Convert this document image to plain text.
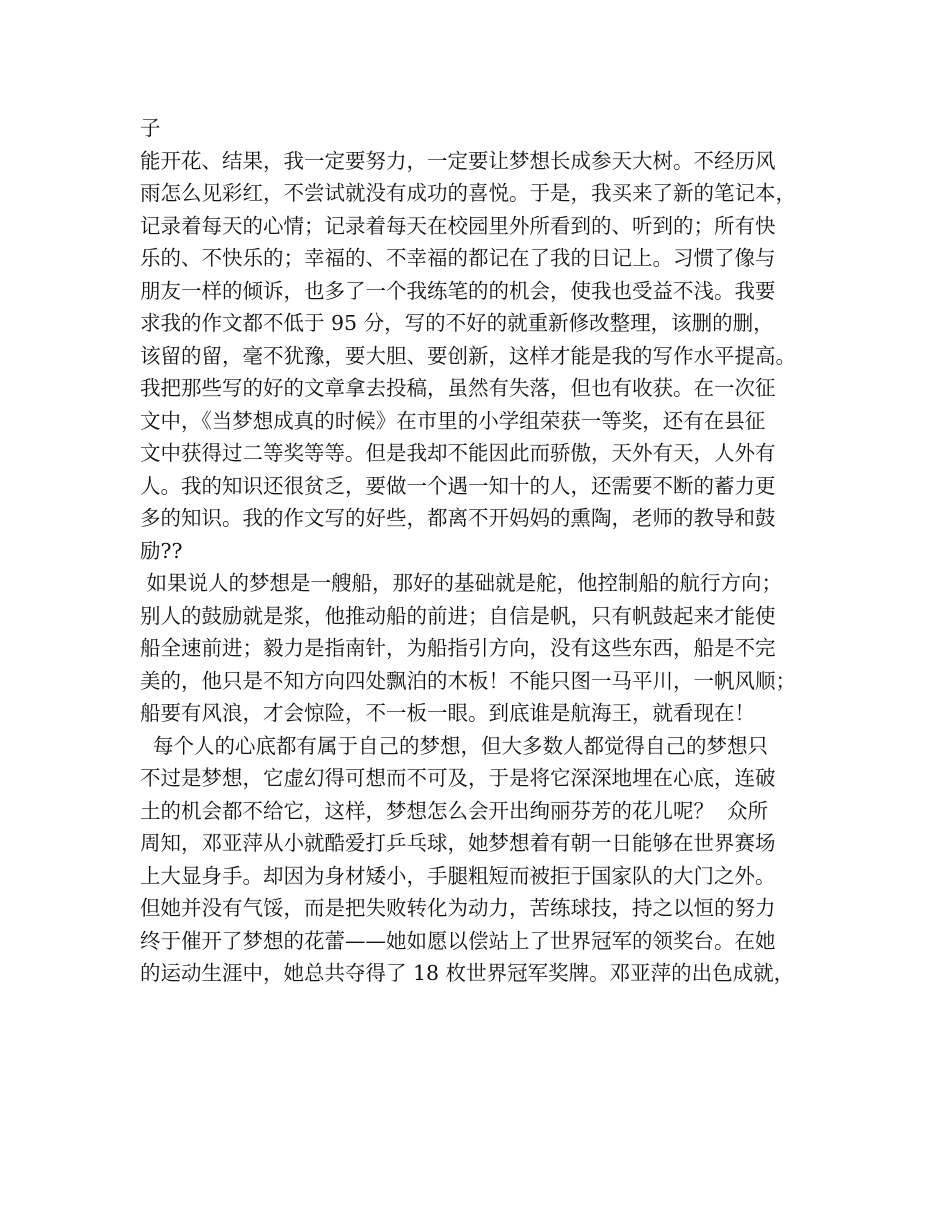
子
能开花、结果，我一定要努力，一定要让梦想长成参天大树。不经历风
雨怎么见彩红，不尝试就没有成功的喜悦。于是，我买来了新的笔记本，
记录着每天的心情；记录着每天在校园里外所看到的、听到的；所有快
乐的、不快乐的；幸福的、不幸福的都记在了我的日记上。习惯了像与
朋友一样的倾诉，也多了一个我练笔的的机会，使我也受益不浅。我要
求我的作文都不低于 95 分，写的不好的就重新修改整理，该删的删，
该留的留，毫不犹豫，要大胆、要创新，这样才能是我的写作水平提高。
我把那些写的好的文章拿去投稿，虽然有失落，但也有收获。在一次征
文中，《当梦想成真的时候》在市里的小学组荣获一等奖，还有在县征
文中获得过二等奖等等。但是我却不能因此而骄傲，天外有天，人外有
人。我的知识还很贫乏，要做一个遇一知十的人，还需要不断的蓄力更
多的知识。我的作文写的好些，都离不开妈妈的熏陶，老师的教导和鼓
励??
如果说人的梦想是一艘船，那好的基础就是舵，他控制船的航行方向；
别人的鼓励就是浆，他推动船的前进；自信是帆，只有帆鼓起来才能使
船全速前进；毅力是指南针，为船指引方向，没有这些东西，船是不完
美的，他只是不知方向四处飘泊的木板！不能只图一马平川，一帆风顺；
船要有风浪，才会惊险，不一板一眼。到底谁是航海王，就看现在！
每个人的心底都有属于自己的梦想，但大多数人都觉得自己的梦想只
不过是梦想，它虚幻得可想而不可及，于是将它深深地埋在心底，连破
土的机会都不给它，这样，梦想怎么会开出绚丽芬芳的花儿呢？  众所
周知，邓亚萍从小就酷爱打乒乓球，她梦想着有朝一日能够在世界赛场
上大显身手。却因为身材矮小，手腿粗短而被拒于国家队的大门之外。
但她并没有气馁，而是把失败转化为动力，苦练球技，持之以恒的努力
终于催开了梦想的花蕾——她如愿以偿站上了世界冠军的领奖台。在她
的运动生涯中，她总共夺得了 18 枚世界冠军奖牌。邓亚萍的出色成就，
